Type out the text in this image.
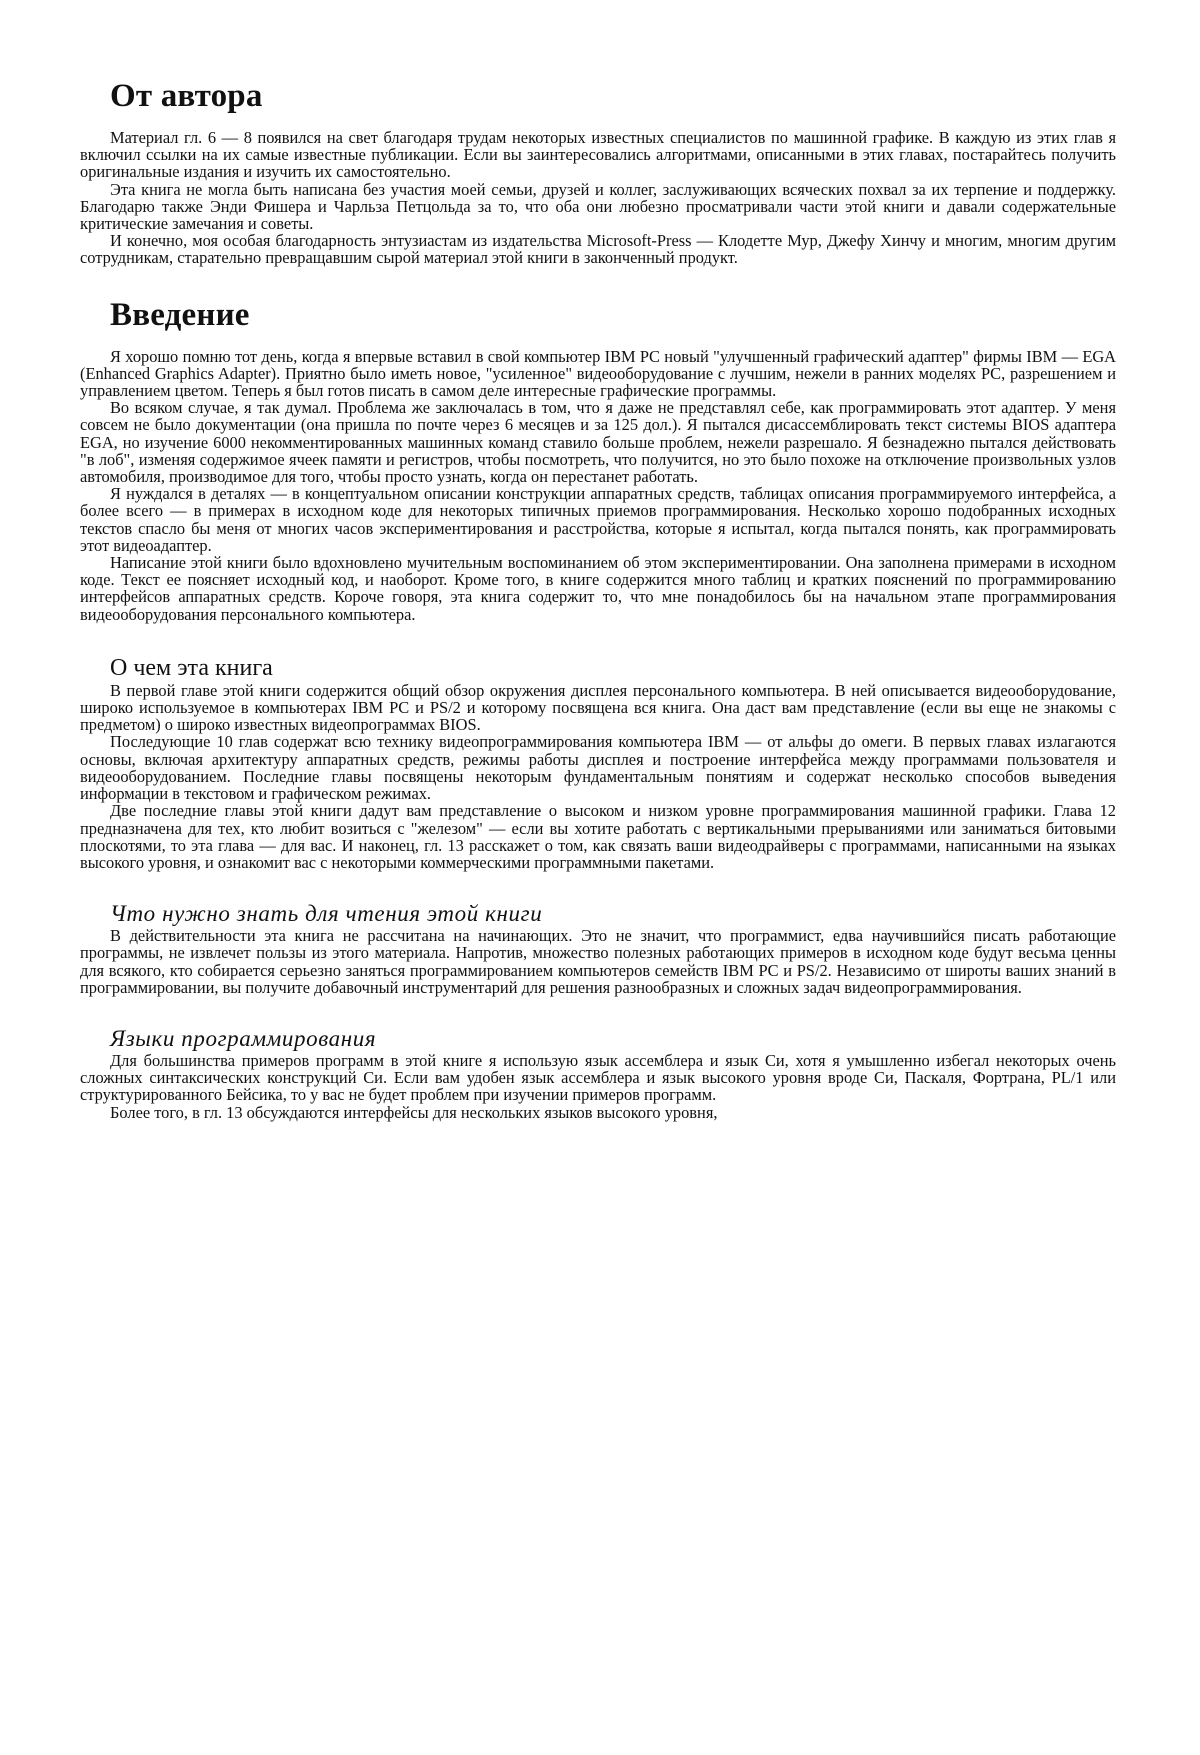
От автора

Материал гл. 6 — 8 появился на свет благодаря трудам некоторых известных специалистов по машинной графике. В каждую из этих глав я включил ссылки на их самые известные публикации. Если вы заинтересовались алгоритмами, описанными в этих главах, постарайтесь получить оригинальные издания и изучить их самостоятельно.

Эта книга не могла быть написана без участия моей семьи, друзей и коллег, заслуживающих всяческих похвал за их терпение и поддержку. Благодарю также Энди Фишера и Чарльза Петцольда за то, что оба они любезно просматривали части этой книги и давали содержательные критические замечания и советы.

И конечно, моя особая благодарность энтузиастам из издательства Microsoft-Press — Клодетте Мур, Джефу Хинчу и многим, многим другим сотрудникам, старательно превращавшим сырой материал этой книги в законченный продукт.

Введение

Я хорошо помню тот день, когда я впервые вставил в свой компьютер IBM PC новый "улучшенный графический адаптер" фирмы IBM — EGA (Enhanced Graphics Adapter). Приятно было иметь новое, "усиленное" видеооборудование с лучшим, нежели в ранних моделях PC, разрешением и управлением цветом. Теперь я был готов писать в самом деле интересные графические программы.

Во всяком случае, я так думал. Проблема же заключалась в том, что я даже не представлял себе, как программировать этот адаптер. У меня совсем не было документации (она пришла по почте через 6 месяцев и за 125 дол.). Я пытался дисассемблировать текст системы BIOS адаптера EGA, но изучение 6000 некомментированных машинных команд ставило больше проблем, нежели разрешало. Я безнадежно пытался действовать "в лоб", изменяя содержимое ячеек памяти и регистров, чтобы посмотреть, что получится, но это было похоже на отключение произвольных узлов автомобиля, производимое для того, чтобы просто узнать, когда он перестанет работать.

Я нуждался в деталях — в концептуальном описании конструкции аппаратных средств, таблицах описания программируемого интерфейса, а более всего — в примерах в исходном коде для некоторых типичных приемов программирования. Несколько хорошо подобранных исходных текстов спасло бы меня от многих часов экспериментирования и расстройства, которые я испытал, когда пытался понять, как программировать этот видеоадаптер.

Написание этой книги было вдохновлено мучительным воспоминанием об этом экспериментировании. Она заполнена примерами в исходном коде. Текст ее поясняет исходный код, и наоборот. Кроме того, в книге содержится много таблиц и кратких пояснений по программированию интерфейсов аппаратных средств. Короче говоря, эта книга содержит то, что мне понадобилось бы на начальном этапе программирования видеооборудования персонального компьютера.

О чем эта книга

В первой главе этой книги содержится общий обзор окружения дисплея персонального компьютера. В ней описывается видеооборудование, широко используемое в компьютерах IBM PC и PS/2 и которому посвящена вся книга. Она даст вам представление (если вы еще не знакомы с предметом) о широко известных видеопрограммах BIOS.

Последующие 10 глав содержат всю технику видеопрограммирования компьютера IBM — от альфы до омеги. В первых главах излагаются основы, включая архитектуру аппаратных средств, режимы работы дисплея и построение интерфейса между программами пользователя и видеооборудованием. Последние главы посвящены некоторым фундаментальным понятиям и содержат несколько способов выведения информации в текстовом и графическом режимах.

Две последние главы этой книги дадут вам представление о высоком и низком уровне программирования машинной графики. Глава 12 предназначена для тех, кто любит возиться с "железом" — если вы хотите работать с вертикальными прерываниями или заниматься битовыми плоскотями, то эта глава — для вас. И наконец, гл. 13 расскажет о том, как связать ваши видеодрайверы с программами, написанными на языках высокого уровня, и ознакомит вас с некоторыми коммерческими программными пакетами.

Что нужно знать для чтения этой книги

В действительности эта книга не рассчитана на начинающих. Это не значит, что программист, едва научившийся писать работающие программы, не извлечет пользы из этого материала. Напротив, множество полезных работающих примеров в исходном коде будут весьма ценны для всякого, кто собирается серьезно заняться программированием компьютеров семейств IBM PC и PS/2. Независимо от широты ваших знаний в программировании, вы получите добавочный инструментарий для решения разнообразных и сложных задач видеопрограммирования.

Языки программирования

Для большинства примеров программ в этой книге я использую язык ассемблера и язык Си, хотя я умышленно избегал некоторых очень сложных синтаксических конструкций Си. Если вам удобен язык ассемблера и язык высокого уровня вроде Си, Паскаля, Фортрана, PL/1 или структурированного Бейсика, то у вас не будет проблем при изучении примеров программ.

Более того, в гл. 13 обсуждаются интерфейсы для нескольких языков высокого уровня,
